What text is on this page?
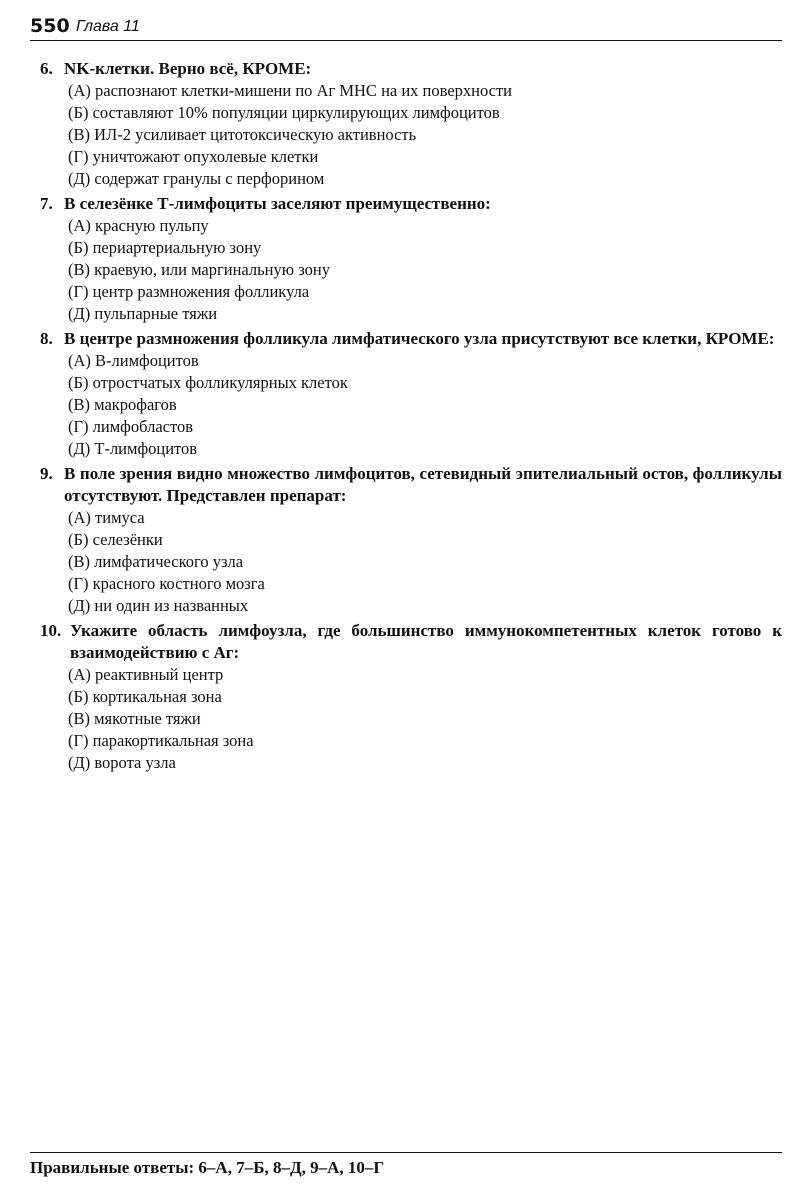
550 Глава 11
6. NK-клетки. Верно всё, КРОМЕ:
(А) распознают клетки-мишени по Аг МНС на их поверхности
(Б) составляют 10% популяции циркулирующих лимфоцитов
(В) ИЛ-2 усиливает цитотоксическую активность
(Г) уничтожают опухолевые клетки
(Д) содержат гранулы с перфорином
7. В селезёнке Т-лимфоциты заселяют преимущественно:
(А) красную пульпу
(Б) периартериальную зону
(В) краевую, или маргинальную зону
(Г) центр размножения фолликула
(Д) пульпарные тяжи
8. В центре размножения фолликула лимфатического узла присутствуют все клетки, КРОМЕ:
(А) В-лимфоцитов
(Б) отростчатых фолликулярных клеток
(В) макрофагов
(Г) лимфобластов
(Д) Т-лимфоцитов
9. В поле зрения видно множество лимфоцитов, сетевидный эпителиальный остов, фолликулы отсутствуют. Представлен препарат:
(А) тимуса
(Б) селезёнки
(В) лимфатического узла
(Г) красного костного мозга
(Д) ни один из названных
10. Укажите область лимфоузла, где большинство иммунокомпетентных клеток готово к взаимодействию с Аг:
(А) реактивный центр
(Б) кортикальная зона
(В) мякотные тяжи
(Г) паракортикальная зона
(Д) ворота узла
Правильные ответы: 6–А, 7–Б, 8–Д, 9–А, 10–Г
